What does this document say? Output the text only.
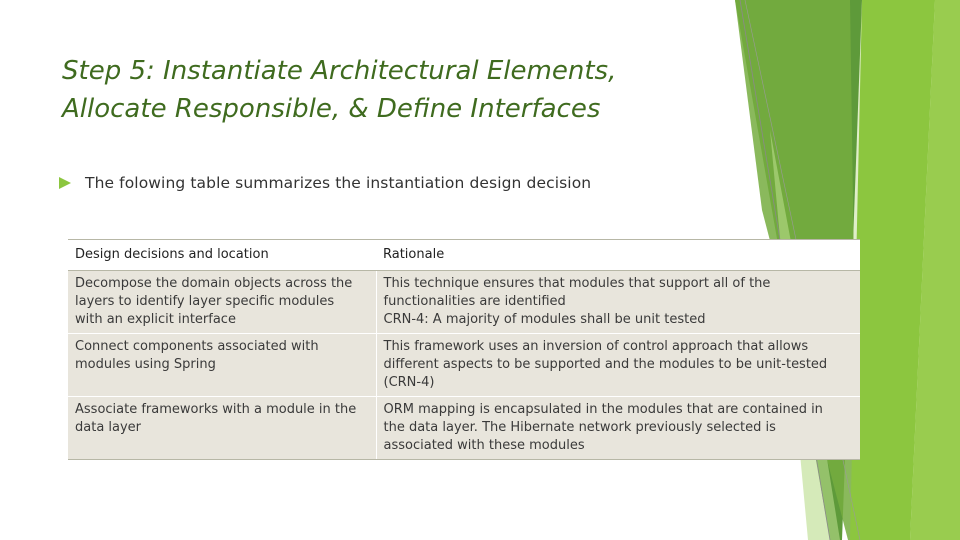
Step 5: Instantiate Architectural Elements,
Allocate Responsible, & Define Interfaces
The folowing table summarizes the instantiation design decision
Design decisions and location	Rationale

Decompose the domain objects across the
layers to identify layer specific modules
with an explicit interface	This technique ensures that modules that support all of the
functionalities are identified
CRN-4: A majority of modules shall be unit tested

Connect components associated with
modules using Spring	This framework uses an inversion of control approach that allows
different aspects to be supported and the modules to be unit-tested
(CRN-4)

Associate frameworks with a module in the
data layer	ORM mapping is encapsulated in the modules that are contained in
the data layer. The Hibernate network previously selected is
associated with these modules
